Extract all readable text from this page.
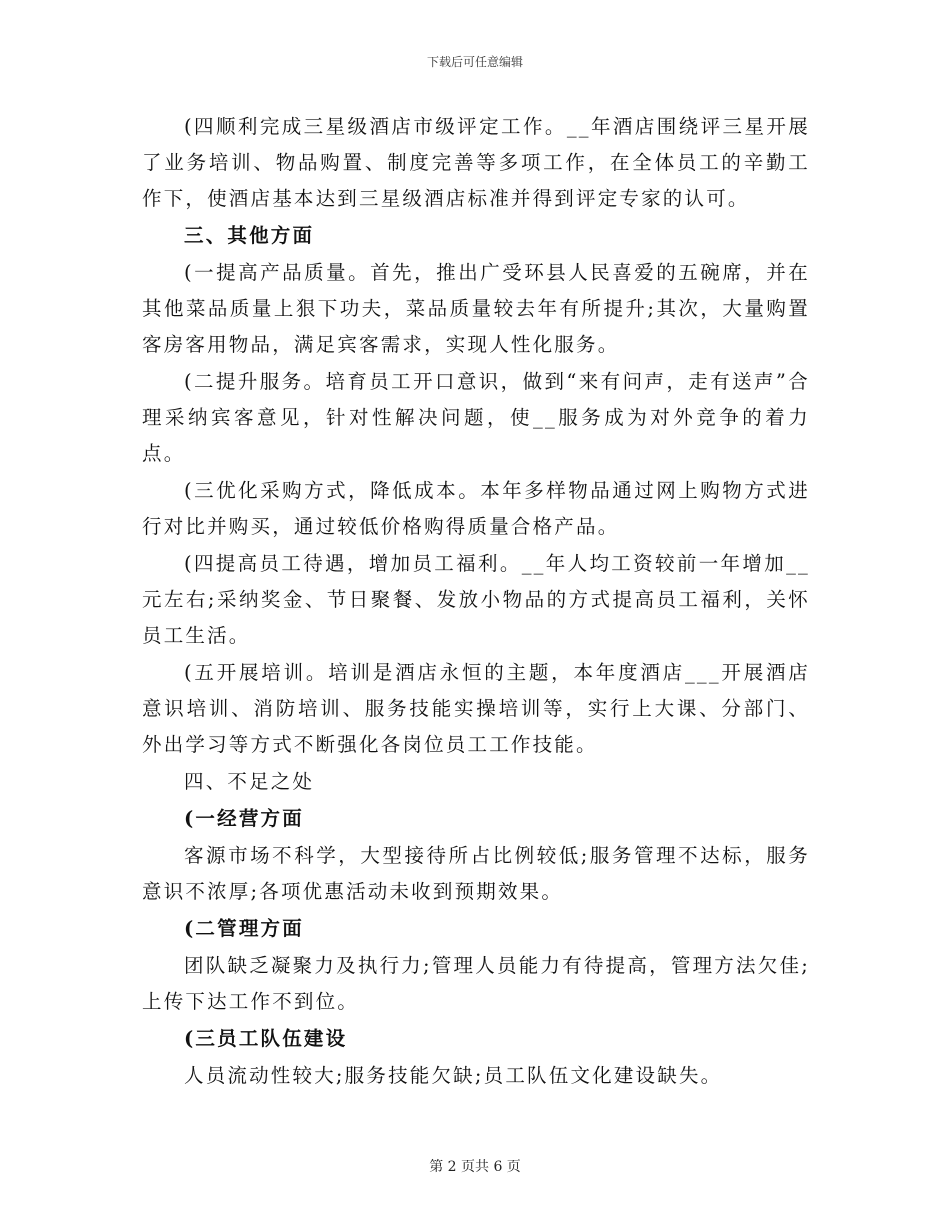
下载后可任意编辑

(四顺利完成三星级酒店市级评定工作。__年酒店围绕评三星开展了业务培训、物品购置、制度完善等多项工作，在全体员工的辛勤工作下，使酒店基本达到三星级酒店标准并得到评定专家的认可。

三、其他方面

(一提高产品质量。首先，推出广受环县人民喜爱的五碗席，并在其他菜品质量上狠下功夫，菜品质量较去年有所提升;其次，大量购置客房客用物品，满足宾客需求，实现人性化服务。

(二提升服务。培育员工开口意识，做到“来有问声，走有送声”合理采纳宾客意见，针对性解决问题，使__服务成为对外竞争的着力点。

(三优化采购方式，降低成本。本年多样物品通过网上购物方式进行对比并购买，通过较低价格购得质量合格产品。

(四提高员工待遇，增加员工福利。__年人均工资较前一年增加__元左右;采纳奖金、节日聚餐、发放小物品的方式提高员工福利，关怀员工生活。

(五开展培训。培训是酒店永恒的主题，本年度酒店___开展酒店意识培训、消防培训、服务技能实操培训等，实行上大课、分部门、外出学习等方式不断强化各岗位员工工作技能。

四、不足之处

(一经营方面

客源市场不科学，大型接待所占比例较低;服务管理不达标，服务意识不浓厚;各项优惠活动未收到预期效果。

(二管理方面

团队缺乏凝聚力及执行力;管理人员能力有待提高，管理方法欠佳;上传下达工作不到位。

(三员工队伍建设

人员流动性较大;服务技能欠缺;员工队伍文化建设缺失。

第 2 页共 6 页
